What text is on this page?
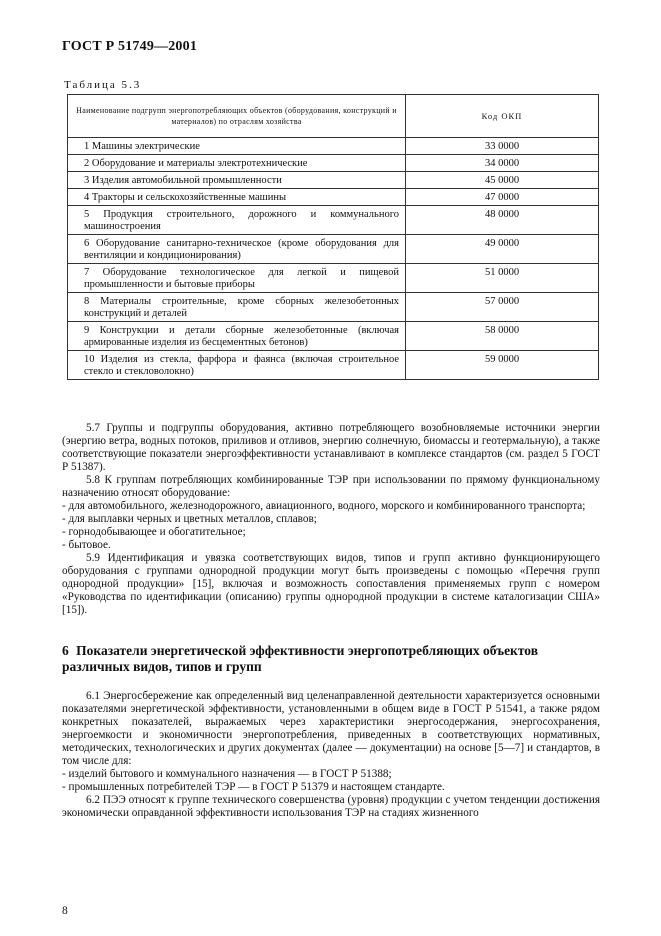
ГОСТ Р 51749—2001
Таблица 5.3
Наименование подгрупп энергопотребляющих объектов (оборудования, конструкций и материалов) по отраслям хозяйства	Код ОКП

1 Машины электрические	33 0000

2 Оборудование и материалы электротехнические	34 0000

3 Изделия автомобильной промышленности	45 0000

4 Тракторы и сельскохозяйственные машины	47 0000

5 Продукция строительного, дорожного и коммунального машиностроения	48 0000

6 Оборудование санитарно-техническое (кроме оборудования для вентиляции и кондиционирования)	49 0000

7 Оборудование технологическое для легкой и пищевой промышленности и бытовые приборы	51 0000

8 Материалы строительные, кроме сборных железобетонных конструкций и деталей	57 0000

9 Конструкции и детали сборные железобетонные (включая армированные изделия из бесцементных бетонов)	58 0000

10 Изделия из стекла, фарфора и фаянса (включая строительное стекло и стекловолокно)	59 0000

5.7 Группы и подгруппы оборудования, активно потребляющего возобновляемые источники энергии (энергию ветра, водных потоков, приливов и отливов, энергию солнечную, биомассы и геотермальную), а также соответствующие показатели энергоэффективности устанавливают в комплексе стандартов (см. раздел 5 ГОСТ Р 51387).

5.8 К группам потребляющих комбинированные ТЭР при использовании по прямому функциональному назначению относят оборудование:

- для автомобильного, железнодорожного, авиационного, водного, морского и комбинированного транспорта;

- для выплавки черных и цветных металлов, сплавов;

- горнодобывающее и обогатительное;

- бытовое.

5.9 Идентификация и увязка соответствующих видов, типов и групп активно функционирующего оборудования с группами однородной продукции могут быть произведены с помощью «Перечня групп однородной продукции» [15], включая и возможность сопоставления применяемых групп с номером «Руководства по идентификации (описанию) группы однородной продукции в системе каталогизации США» [15]).

6 Показатели энергетической эффективности энергопотребляющих объектов различных видов, типов и групп

6.1 Энергосбережение как определенный вид целенаправленной деятельности характеризуется основными показателями энергетической эффективности, установленными в общем виде в ГОСТ Р 51541, а также рядом конкретных показателей, выражаемых через характеристики энергосодержания, энергосохранения, энергоемкости и экономичности энергопотребления, приведенных в соответствующих нормативных, методических, технологических и других документах (далее — документации) на основе [5—7] и стандартов, в том числе для:

- изделий бытового и коммунального назначения — в ГОСТ Р 51388;

- промышленных потребителей ТЭР — в ГОСТ Р 51379 и настоящем стандарте.

6.2 ПЭЭ относят к группе технического совершенства (уровня) продукции с учетом тенденции достижения экономически оправданной эффективности использования ТЭР на стадиях жизненного

8
